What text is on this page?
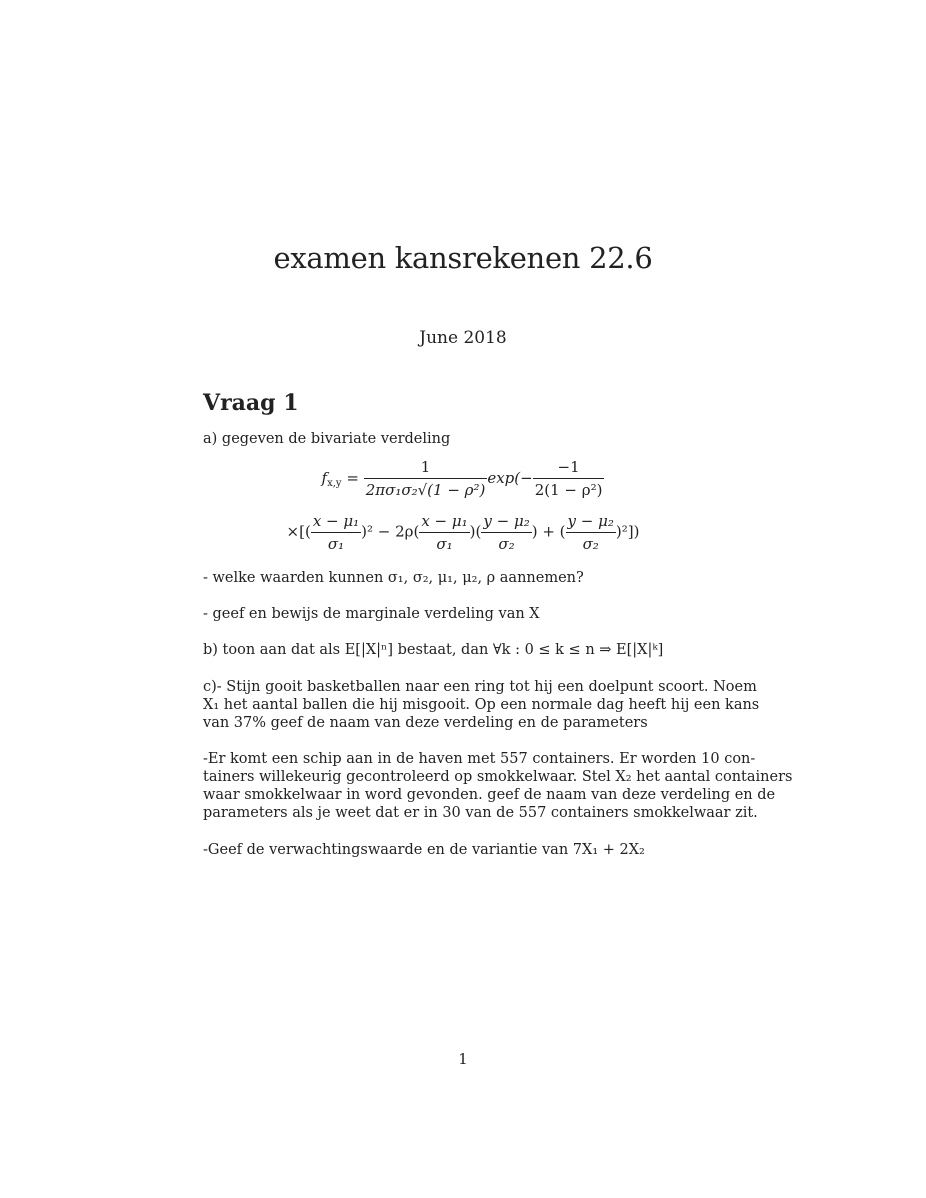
examen kansrekenen 22.6
June 2018
Vraag 1
a) gegeven de bivariate verdeling
$f_{x,y} = \frac{1}{\text{2πσ₁σ₂√(1 − ρ²)}} \exp(- \frac{-1}{\text{2(1 − ρ²)}}$
×[( $\frac{\text{x − μ₁}}{\text{σ₁}} )^2 - 2\rho( \frac{\text{x − μ₁}}{\text{σ₁}}$ )( $\frac{\text{y − μ₂}}{\text{σ₂}}$ ) + ( $\frac{\text{y − μ₂}}{\text{σ₂}} )^2$])
- welke waarden kunnen σ₁, σ₂, μ₁, μ₂, ρ aannemen?
- geef en bewijs de marginale verdeling van X
b) toon aan dat als E[|X|ⁿ] bestaat, dan ∀k : 0 ≤ k ≤ n ⇒ E[|X|ᵏ]
c)- Stijn gooit basketballen naar een ring tot hij een doelpunt scoort. Noem
X₁ het aantal ballen die hij misgooit. Op een normale dag heeft hij een kans
van 37% geef de naam van deze verdeling en de parameters
-Er komt een schip aan in de haven met 557 containers. Er worden 10 con-
tainers willekeurig gecontroleerd op smokkelwaar. Stel X₂ het aantal containers
waar smokkelwaar in word gevonden. geef de naam van deze verdeling en de
parameters als je weet dat er in 30 van de 557 containers smokkelwaar zit.
-Geef de verwachtingswaarde en de variantie van 7X₁ + 2X₂
1
